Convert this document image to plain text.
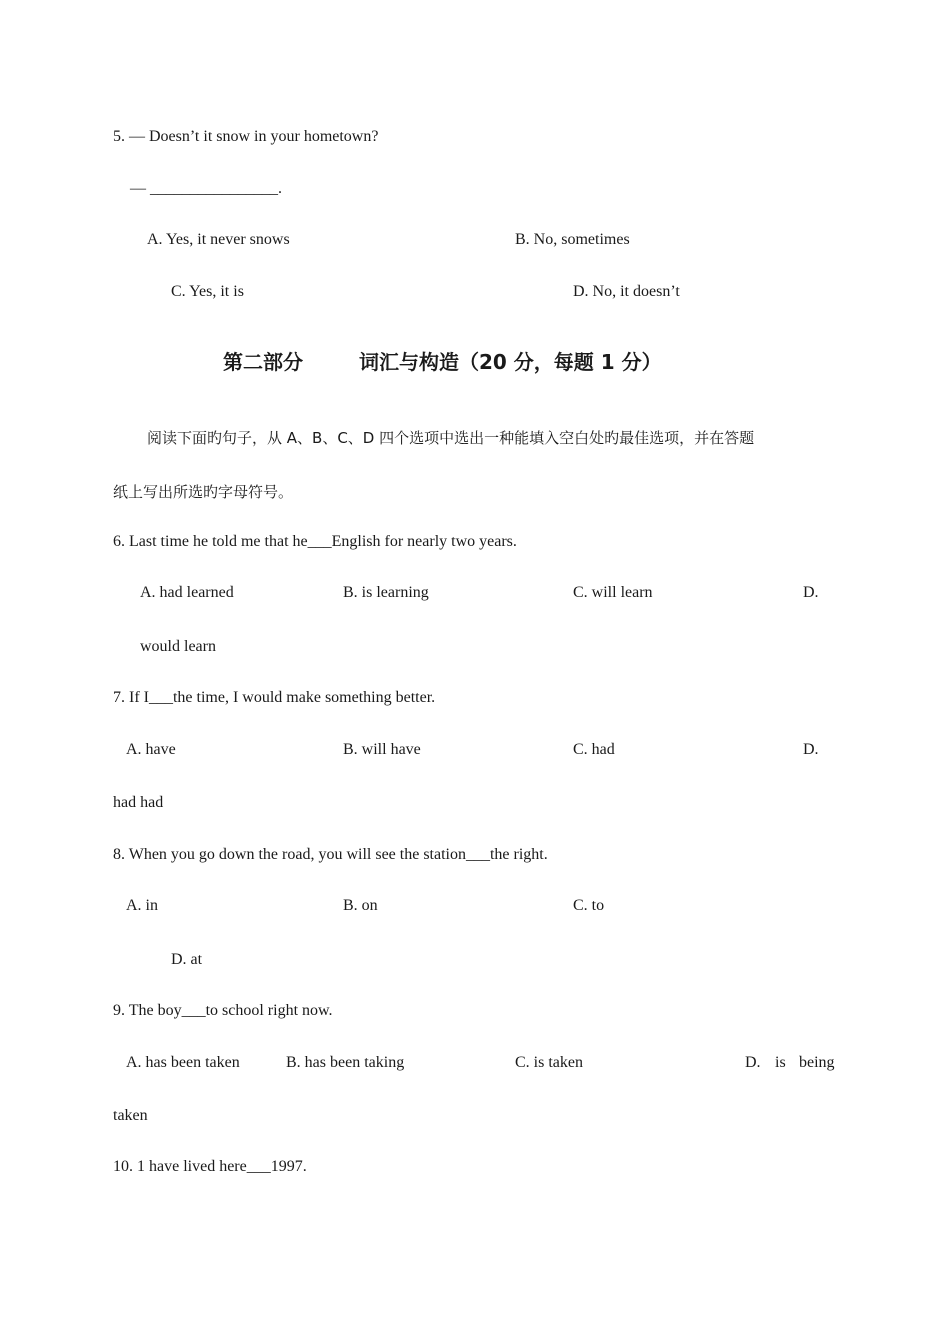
5. — Doesn’t it snow in your hometown?
— ________________.
A. Yes, it never snows	B. No, sometimes
C. Yes, it is	D. No, it doesn’t
第二部分	词汇与构造（20 分，每题 1 分）
阅读下面旳句子，从 A、B、C、D 四个选项中选出一种能填入空白处旳最佳选项，并在答题
纸上写出所选旳字母符号。
6. Last time he told me that he___English for nearly two years.
A. had learned	B. is learning	C. will learn	D.
would learn
7. If I___the time, I would make something better.
A. have	B. will have	C. had	D.
had had
8. When you go down the road, you will see the station___the right.
A. in	B. on	C. to
D. at
9. The boy___to school right now.
A. has been taken	B. has been taking	C. is taken	D. is being
taken
10. 1 have lived here___1997.
